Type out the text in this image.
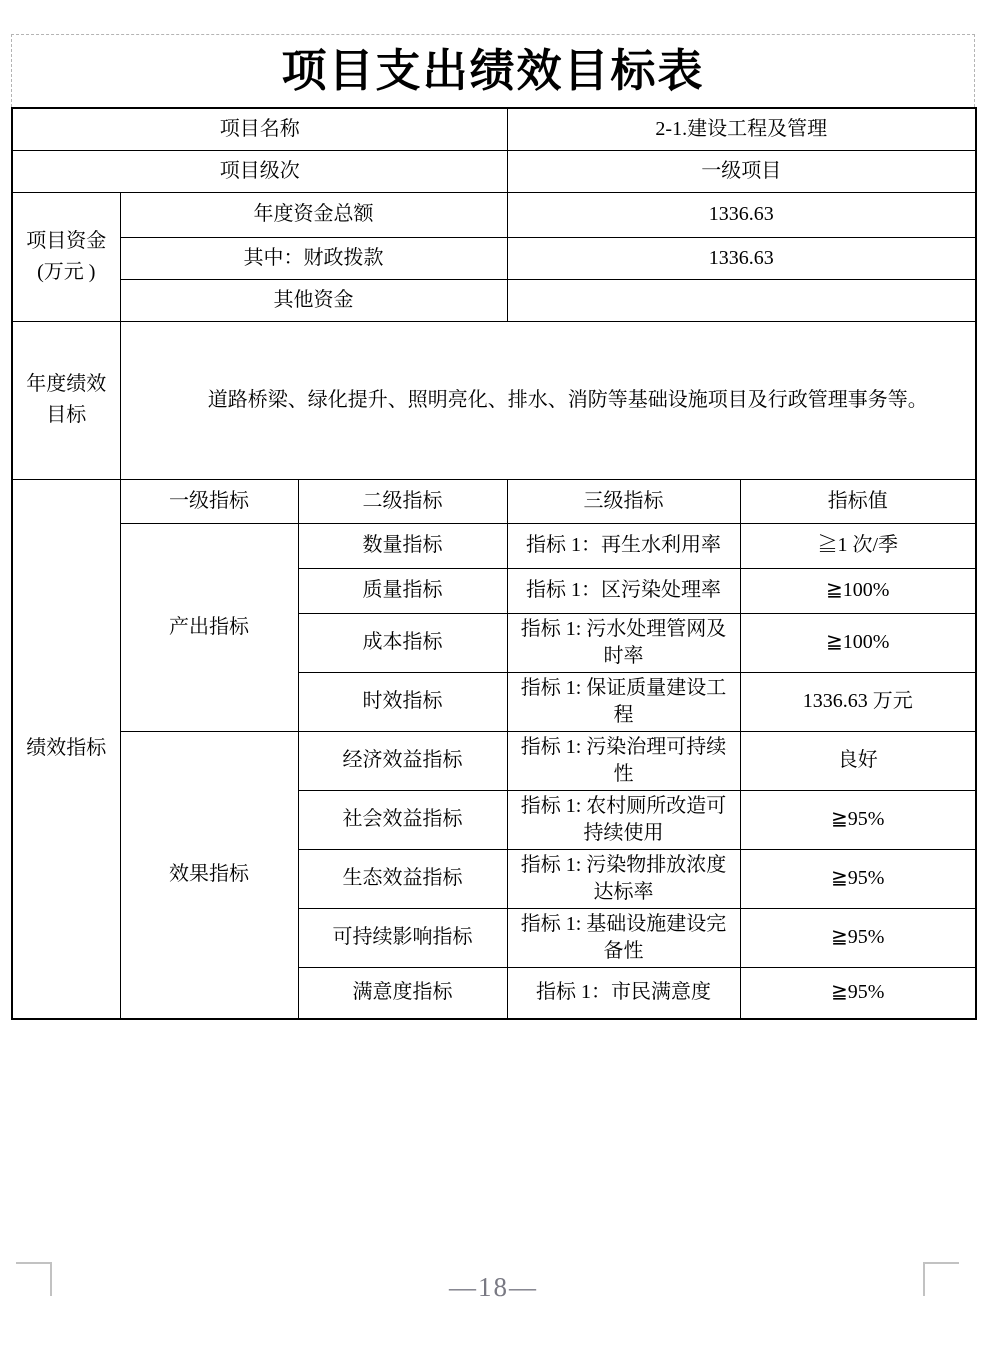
项目支出绩效目标表
项目名称			2-1.建设工程及管理	
项目级次			一级项目	

项目资金
(万元 )	年度资金总额		1336.63	
	其中：财政拨款		1336.63	
	其他资金			

年度绩效
目标	道路桥梁、绿化提升、照明亮化、排水、消防等基础设施项目及行政管理事务等。			
绩效指标	一级指标	二级指标	三级指标	指标值
	产出指标	数量指标	指标 1：再生水利用率	≧1 次/季
		质量指标	指标 1：区污染处理率	≧100%
		成本指标	指标 1: 污水处理管网及时率	≧100%
		时效指标	指标 1: 保证质量建设工程	1336.63 万元
	效果指标	经济效益指标	指标 1: 污染治理可持续性	良好
		社会效益指标	指标 1: 农村厕所改造可持续使用	≧95%
		生态效益指标	指标 1: 污染物排放浓度达标率	≧95%
		可持续影响指标	指标 1: 基础设施建设完备性	≧95%
		满意度指标	指标 1：市民满意度	≧95%
—18—
